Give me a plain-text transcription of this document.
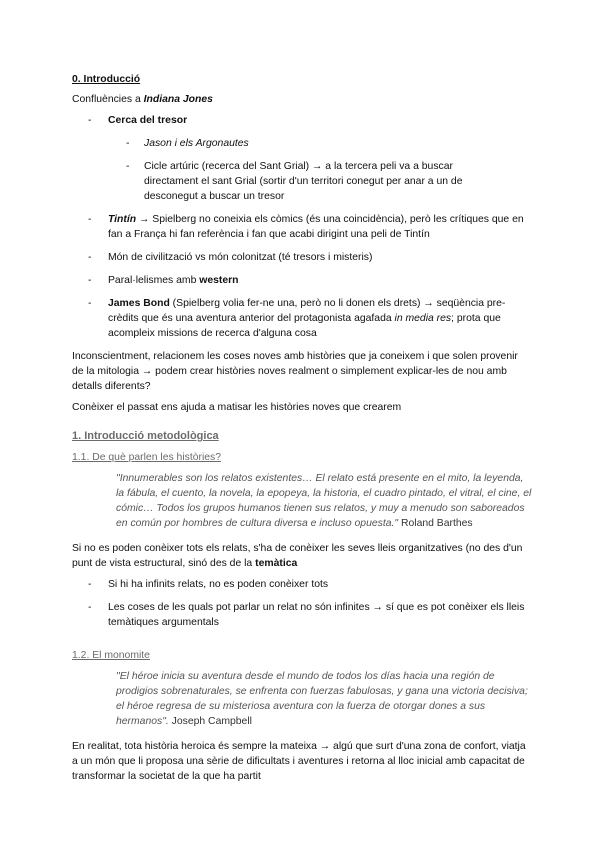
0. Introducció
Confluències a Indiana Jones
- Cerca del tresor
- Jason i els Argonautes
- Cicle artúric (recerca del Sant Grial) → a la tercera peli va a buscar directament el sant Grial (sortir d'un territori conegut per anar a un de desconegut a buscar un tresor
- Tintín → Spielberg no coneixia els còmics (és una coincidència), però les crítiques que en fan a França hi fan referència i fan que acabi dirigint una peli de Tintín
- Món de civilització vs món colonitzat (té tresors i misteris)
- Paral·lelismes amb western
- James Bond (Spielberg volia fer-ne una, però no li donen els drets) → seqüència pre-crèdits que és una aventura anterior del protagonista agafada in media res; prota que acompleix missions de recerca d'alguna cosa
Inconscientment, relacionem les coses noves amb històries que ja coneixem i que solen provenir de la mitologia → podem crear històries noves realment o simplement explicar-les de nou amb detalls diferents?
Conèixer el passat ens ajuda a matisar les històries noves que crearem
1. Introducció metodològica
1.1. De què parlen les històries?
"Innumerables son los relatos existentes… El relato está presente en el mito, la leyenda, la fábula, el cuento, la novela, la epopeya, la historia, el cuadro pintado, el vitral, el cine, el cómic… Todos los grupos humanos tienen sus relatos, y muy a menudo son saboreados en común por hombres de cultura diversa e incluso opuesta." Roland Barthes
Si no es poden conèixer tots els relats, s'ha de conèixer les seves lleis organitzatives (no des d'un punt de vista estructural, sinó des de la temàtica
- Si hi ha infinits relats, no es poden conèixer tots
- Les coses de les quals pot parlar un relat no són infinites → sí que es pot conèixer els lleis temàtiques argumentals
1.2. El monomite
"El héroe inicia su aventura desde el mundo de todos los días hacia una región de prodigios sobrenaturales, se enfrenta con fuerzas fabulosas, y gana una victoria decisiva; el héroe regresa de su misteriosa aventura con la fuerza de otorgar dones a sus hermanos". Joseph Campbell
En realitat, tota història heroica és sempre la mateixa → algú que surt d'una zona de confort, viatja a un món que li proposa una sèrie de dificultats i aventures i retorna al lloc inicial amb capacitat de transformar la societat de la que ha partit
